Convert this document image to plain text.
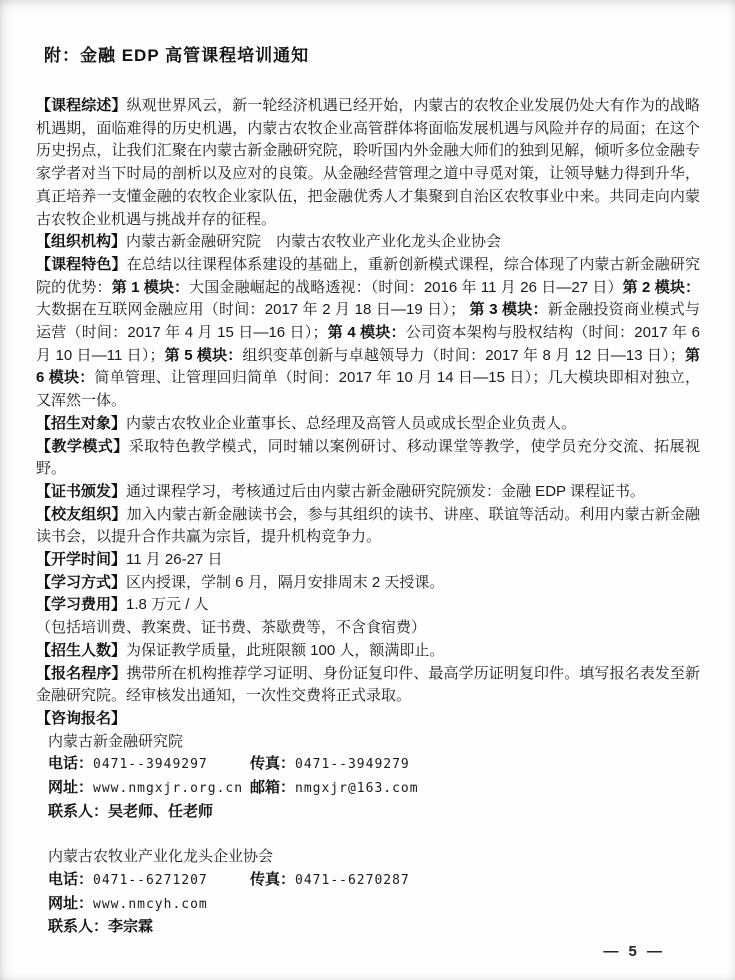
附：金融 EDP 高管课程培训通知

【课程综述】纵观世界风云，新一轮经济机遇已经开始，内蒙古的农牧企业发展仍处大有作为的战略机遇期，面临难得的历史机遇，内蒙古农牧企业高管群体将面临发展机遇与风险并存的局面；在这个历史拐点，让我们汇聚在内蒙古新金融研究院，聆听国内外金融大师们的独到见解，倾听多位金融专家学者对当下时局的剖析以及应对的良策。从金融经营管理之道中寻觅对策，让领导魅力得到升华，真正培养一支懂金融的农牧企业家队伍，把金融优秀人才集聚到自治区农牧事业中来。共同走向内蒙古农牧企业机遇与挑战并存的征程。

【组织机构】内蒙古新金融研究院　内蒙古农牧业产业化龙头企业协会

【课程特色】在总结以往课程体系建设的基础上，重新创新模式课程，综合体现了内蒙古新金融研究院的优势：第 1 模块：大国金融崛起的战略透视：（时间：2016 年 11 月 26 日—27 日）第 2 模块：大数据在互联网金融应用（时间：2017 年 2 月 18 日—19 日）； 第 3 模块：新金融投资商业模式与运营（时间：2017 年 4 月 15 日—16 日）；第 4 模块：公司资本架构与股权结构（时间：2017 年 6 月 10 日—11 日）；第 5 模块：组织变革创新与卓越领导力（时间：2017 年 8 月 12 日—13 日）；第 6 模块：简单管理、让管理回归简单（时间：2017 年 10 月 14 日—15 日）；几大模块即相对独立，又浑然一体。

【招生对象】内蒙古农牧业企业董事长、总经理及高管人员或成长型企业负责人。

【教学模式】采取特色教学模式，同时辅以案例研讨、移动课堂等教学，使学员充分交流、拓展视野。

【证书颁发】通过课程学习，考核通过后由内蒙古新金融研究院颁发：金融 EDP 课程证书。

【校友组织】加入内蒙古新金融读书会，参与其组织的读书、讲座、联谊等活动。利用内蒙古新金融读书会，以提升合作共赢为宗旨，提升机构竞争力。

【开学时间】11 月 26-27 日

【学习方式】区内授课，学制 6 月，隔月安排周末 2 天授课。

【学习费用】1.8 万元 / 人

（包括培训费、教案费、证书费、茶歇费等，不含食宿费）

【招生人数】为保证教学质量，此班限额 100 人，额满即止。

【报名程序】携带所在机构推荐学习证明、身份证复印件、最高学历证明复印件。填写报名表发至新金融研究院。经审核发出通知，一次性交费将正式录取。

【咨询报名】

内蒙古新金融研究院

电话：0471--3949297	传真：0471--3949279
网址：www.nmgxjr.org.cn 邮箱：nmgxjr@163.com

联系人：吴老师、任老师

内蒙古农牧业产业化龙头企业协会

电话：0471--6271207	传真：0471--6270287
网址：www.nmcyh.com

联系人：李宗霖

— 5 —
